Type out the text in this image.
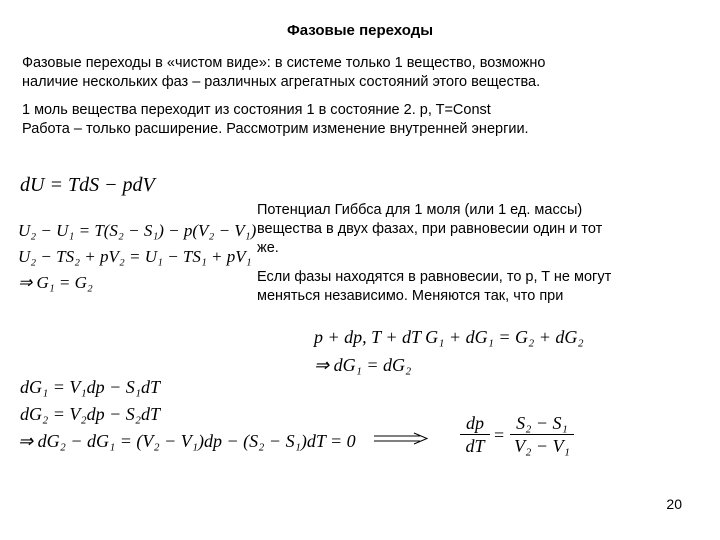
Фазовые переходы
Фазовые переходы в «чистом виде»: в системе только 1 вещество, возможно
наличие нескольких фаз – различных агрегатных состояний этого вещества.
1 моль вещества переходит из состояния 1 в состояние 2. p, T=Const
Работа – только расширение. Рассмотрим изменение внутренней энергии.
dU = TdS − pdV
U₂ − U₁ = T(S₂ − S₁) − p(V₂ − V₁)
U₂ − TS₂ + pV₂ = U₁ − TS₁ + pV₁
⇒ G₁ = G₂
Потенциал Гиббса для 1 моля (или 1 ед. массы)
вещества в двух фазах, при равновесии один и тот
же.
Если фазы находятся в равновесии, то p, T не могут
меняться независимо. Меняются так, что при
p + dp, T + dT G₁ + dG₁ = G₂ + dG₂
⇒ dG₁ = dG₂
dG₁ = V₁dp − S₁dT
dG₂ = V₂dp − S₂dT
⇒ dG₂ − dG₁ = (V₂ − V₁)dp − (S₂ − S₁)dT = 0
dp
dT
=
S₂ − S₁
V₂ − V₁
20
